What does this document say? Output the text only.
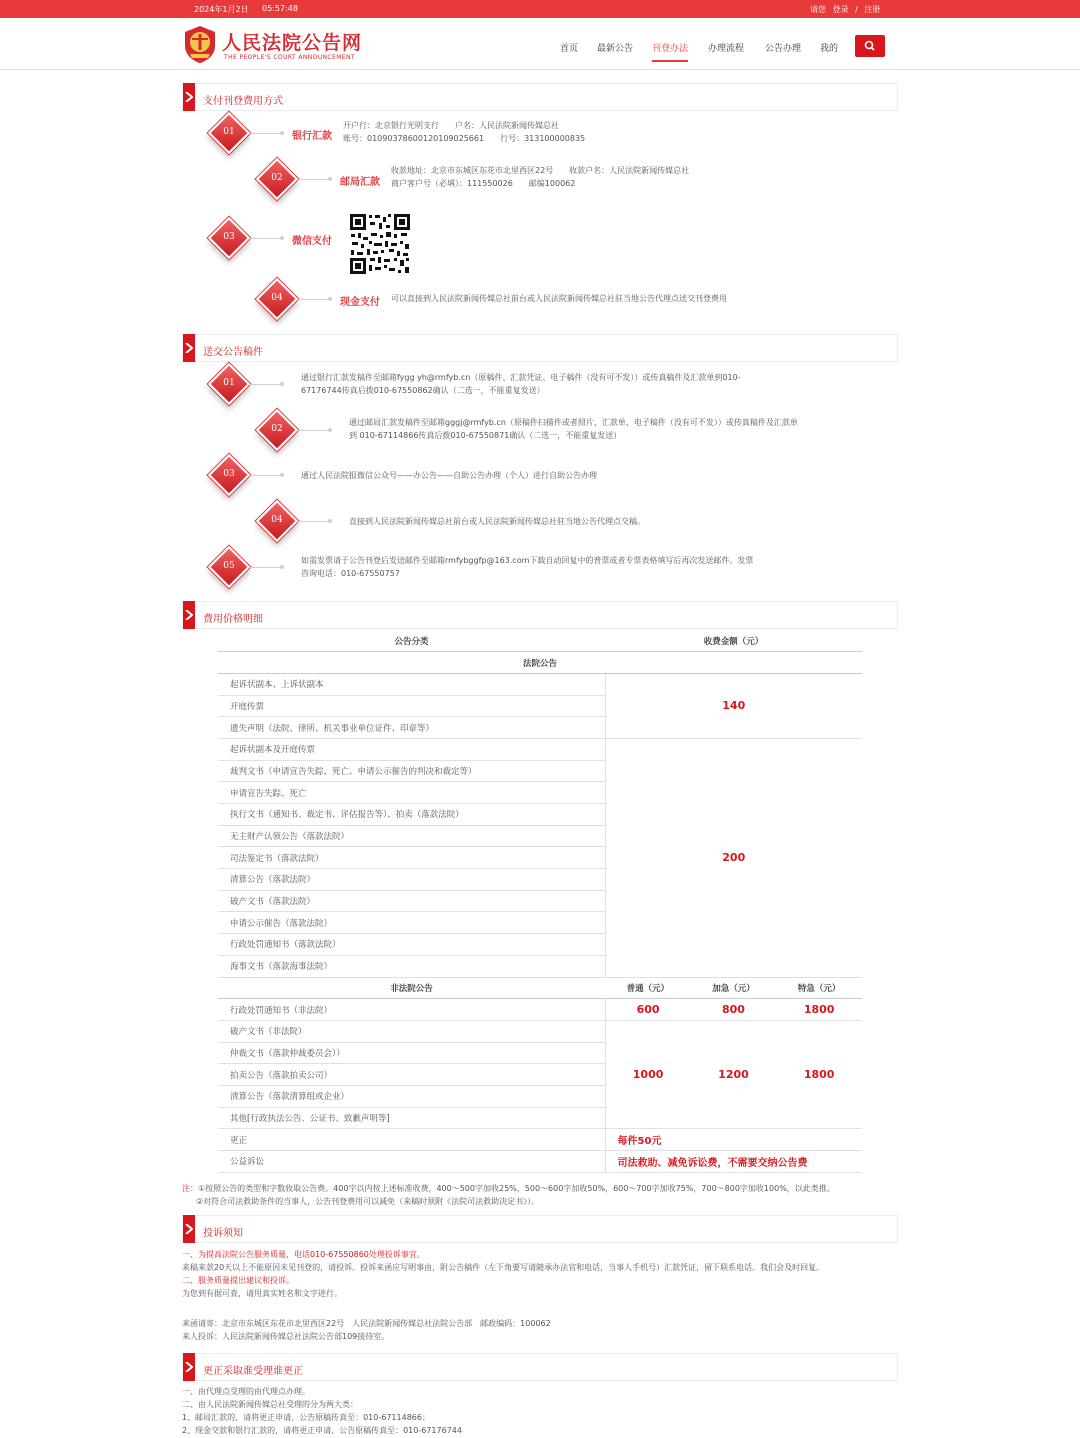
2024年1月2日 05:57:48	请您 登录 / 注册
人民法院公告网
THE PEOPLE'S COURT ANNOUNCEMENT
首页 最新公告 刊登办法 办理流程 公告办理 我的
支付刊登费用方式
01	银行汇款
开户行：北京银行光明支行　　户名：人民法院新闻传媒总社
账号：01090378600120109025661　　行号：313100000835
02	邮局汇款
收款地址：北京市东城区东花市北里西区22号　　收款户名：人民法院新闻传媒总社
商户客户号（必填）：111550026　　邮编100062
03	微信支付
04	现金支付 可以直接到人民法院新闻传媒总社前台或人民法院新闻传媒总社驻当地公告代理点送交刊登费用
送交公告稿件
01
通过银行汇款发稿件至邮箱fygg yh@rmfyb.cn（原稿件、汇款凭证、电子稿件（没有可不发））或传真稿件及汇款单到010-
67176744传真后拨010-67550862确认（二选一，不能重复发送）
02
通过邮局汇款发稿件至邮箱gggj@rmfyb.cn（原稿件扫描件或者照片、汇款单、电子稿件（没有可不发））或传真稿件及汇款单
到 010-67114866传真后拨010-67550871确认（二选一，不能重复发送）
03	通过人民法院报微信公众号——办公告——自助公告办理（个人）进行自助公告办理
04	直接到人民法院新闻传媒总社前台或人民法院新闻传媒总社驻当地公告代理点交稿。
05
如需发票请于公告刊登后发送邮件至邮箱rmfybggfp@163.com下载自动回复中的普票或者专票表格填写后再次发送邮件。发票
咨询电话：010-67550757
费用价格明细
公告分类	收费金额（元）		
法院公告			
起诉状副本、上诉状副本	140		
开庭传票			
遗失声明（法院、律所、机关事业单位证件、印章等）			
起诉状副本及开庭传票	200		
裁判文书（申请宣告失踪、死亡、申请公示催告的判决和裁定等）			
申请宣告失踪、死亡			
执行文书（通知书、裁定书、评估报告等）、拍卖（落款法院）			
无主财产认领公告（落款法院）			
司法鉴定书（落款法院）			
清算公告（落款法院）			
破产文书（落款法院）			
申请公示催告（落款法院）			
行政处罚通知书（落款法院）			
海事文书（落款海事法院）			
非法院公告	普通（元）	加急（元）	特急（元）
行政处罚通知书（非法院）	600	800	1800
破产文书（非法院）	1000	1200	1800
仲裁文书（落款仲裁委员会））			
拍卖公告（落款拍卖公司）			
清算公告（落款清算组或企业）			
其他[行政执法公告、公证书、致歉声明等]			
更正	每件50元		
公益诉讼	司法救助、减免诉讼费，不需要交纳公告费		
注：①按照公告的类型和字数收取公告费。400字以内按上述标准收费，400～500字加收25%，500～600字加收50%，600～700字加收75%，700～800字加收100%，以此类推。
②对符合司法救助条件的当事人，公告刊登费用可以减免（来稿时须附《法院司法救助决定书》）。
投诉须知
一、为提高法院公告服务质量，电话010-67550860处理投诉事宜。
来稿来款20天以上不能原因未见刊登的，请投诉。投诉来函应写明事由，附公告稿件（左下角要写请随承办法官和电话，当事人手机号）汇款凭证，留下联系电话。我们会及时回复。
二、服务质量提出建议和投诉。
为您到有据可查，请用真实姓名和文字进行。
来函请寄：北京市东城区东花市北里西区22号　人民法院新闻传媒总社法院公告部　邮政编码：100062
来人投诉：人民法院新闻传媒总社法院公告部109接待室。
更正采取谁受理谁更正
一、由代理点受理的由代理点办理。
二、由人民法院新闻传媒总社受理的分为两大类：
1、邮局汇款的，请将更正申请、公告原稿传真至：010-67114866；
2、现金交款和银行汇款的，请将更正申请、公告原稿传真至：010-67176744
